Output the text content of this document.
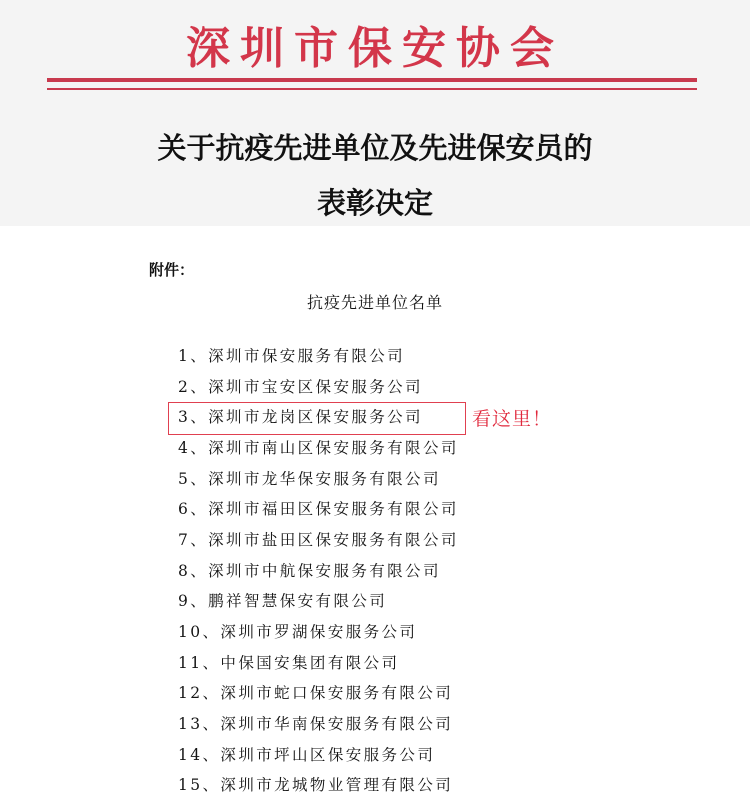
深圳市保安协会
关于抗疫先进单位及先进保安员的
表彰决定
附件：
抗疫先进单位名单
1、深圳市保安服务有限公司
2、深圳市宝安区保安服务公司
3、深圳市龙岗区保安服务公司
4、深圳市南山区保安服务有限公司
5、深圳市龙华保安服务有限公司
6、深圳市福田区保安服务有限公司
7、深圳市盐田区保安服务有限公司
8、深圳市中航保安服务有限公司
9、鹏祥智慧保安有限公司
10、深圳市罗湖保安服务公司
11、中保国安集团有限公司
12、深圳市蛇口保安服务有限公司
13、深圳市华南保安服务有限公司
14、深圳市坪山区保安服务公司
15、深圳市龙城物业管理有限公司
看这里！
